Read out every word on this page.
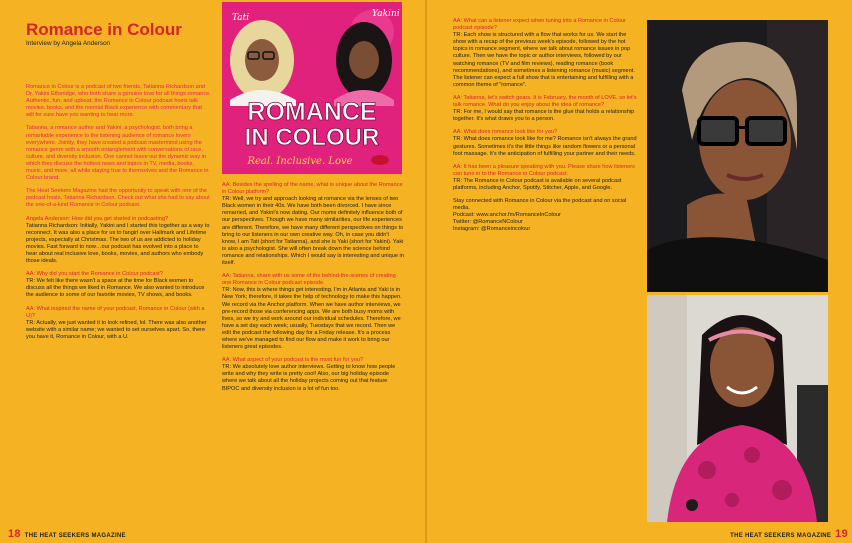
Romance in Colour
Interview by Angela Anderson

Romance in Colour is a podcast of two friends, Tatianna Richardson and Dr. Yakini Etheridge, who both share a genuine love for all things romance. Authentic, fun, and upbeat; the Romance in Colour podcast hosts talk movies, books, and the nonnial Black experience with commentary that will for sure have you wanting to hear more.

Tatianna, a romance author and Yakini, a psychologist, both bring a remarkable experience to the listening audience of romance lovers everywhere. Jointly, they have created a podcast mastermind using the romance genre with a smooth entanglement with conversations of race, culture, and diversity inclusion. One cannot leave out the dynamic way in which they discuss the hottest news and topics in TV, media, books, music, and more, all while staying true to themselves and the Romance in Colour brand.

The Heat Seekers Magazine had the opportunity to speak with one of the podcast hosts, Tatianna Richardson. Check out what she had to say about the one-of-a-kind Romance in Colour podcast.

Angela Anderson: How did you get started in podcasting?
Tatianna Richardson: Initially, Yakini and I started this together as a way to reconnect. It was also a place for us to fangirl over Hallmark and Lifetime projects, especially at Christmas. The two of us are addicted to holiday movies. Fast forward to now…our podcast has evolved into a place to hear about real inclusive love, books, movies, and authors who embody those ideals.

AA: Why did you start the Romance in Colour podcast?
TR: We felt like there wasn't a space at the time for Black women to discuss all the things we liked in Romance. We also wanted to introduce the audience to some of our favorite movies, TV shows, and books.

AA: What inspired the name of your podcast, Romance in Colour (with a U)?
TR: Actually, we just wanted it to look refined, lol. There was also another website with a similar name; we wanted to set ourselves apart. So, there you have it, Romance in Colour, with a U.

ROMANCE
IN COLOUR
Real. Inclusive. Love
Tati	Yakini

AA: Besides the spelling of the name, what is unique about the Romance in Colour platform?
TR: Well, we try and approach looking at romance via the lenses of two Black women in their 40s. We have both been divorced. I have since remarried, and Yakini's now dating. Our moms definitely influence both of our perspectives. Though we have many similarities, our life experiences are different. Therefore, we have many different perspectives on things to bring to our listeners in our own creative way. Oh, in case you didn't know, I am Tati (short for Tatianna), and she is Yaki (short for Yakini). Yaki is also a psychologist. She will often break down the science behind romance and relationships. Which I would say is interesting and unique in itself.

AA: Tatianna, share with us some of the behind-the-scenes of creating one Romance in Colour podcast episode.
TR: Now, this is where things get interesting. I'm in Atlanta and Yaki is in New York; therefore, it takes the help of technology to make this happen. We record via the Anchor platform. When we have author interviews, we pre-record those via conferencing apps. We are both busy moms with lives, so we try and work around our individual schedules. Therefore, we have a set day each week; usually, Tuesdays that we record. Then we edit the podcast the following day for a Friday release. It's a process where we've managed to find our flow and make it work to bring our listeners great episodes.

AA: What aspect of your podcast is the most fun for you?
TR: We absolutely love author interviews. Getting to know how people write and why they write is pretty cool! Also, our big holiday episode where we talk about all the holiday projects coming out that feature BIPOC and diversity inclusion is a lot of fun too.

18 THE HEAT SEEKERS MAGAZINE

AA: What can a listener expect when tuning into a Romance in Colour podcast episode?
TR: Each show is structured with a flow that works for us. We start the show with a recap of the previous week's episode, followed by the hot topics in romance segment, where we talk about romance issues in pop culture. Then we have the topic or author interviews, followed by our watching romance (TV and film reviews), reading romance (book recommendations), and sometimes a listening romance (music) segment. The listener can expect a full show that is entertaining and fulfilling with a common theme of "romance".

AA: Tatianna, let's switch gears. It is February, the month of LOVE, so let's talk romance. What do you enjoy about the idea of romance?
TR: For me, I would say that romance is the glue that holds a relationship together. It's what draws you to a person.

AA: What does romance look like for you?
TR: What does romance look like for me? Romance isn't always the grand gestures. Sometimes it's the little things like random flowers or a personal foot massage. It's the anticipation of fulfilling your partner and their needs.

AA: It has been a pleasure speaking with you. Please share how listeners can tune in to the Romance in Colour podcast.
TR: The Romance in Colour podcast is available on several podcast platforms, including Anchor, Spotify, Stitcher, Apple, and Google.

Stay connected with Romance in Colour via the podcast and on social media.
Podcast: www.anchor.fm/RomanceInColour
Twitter: @RomanceNColour
Instagram: @Romanceincolour

THE HEAT SEEKERS MAGAZINE 19
